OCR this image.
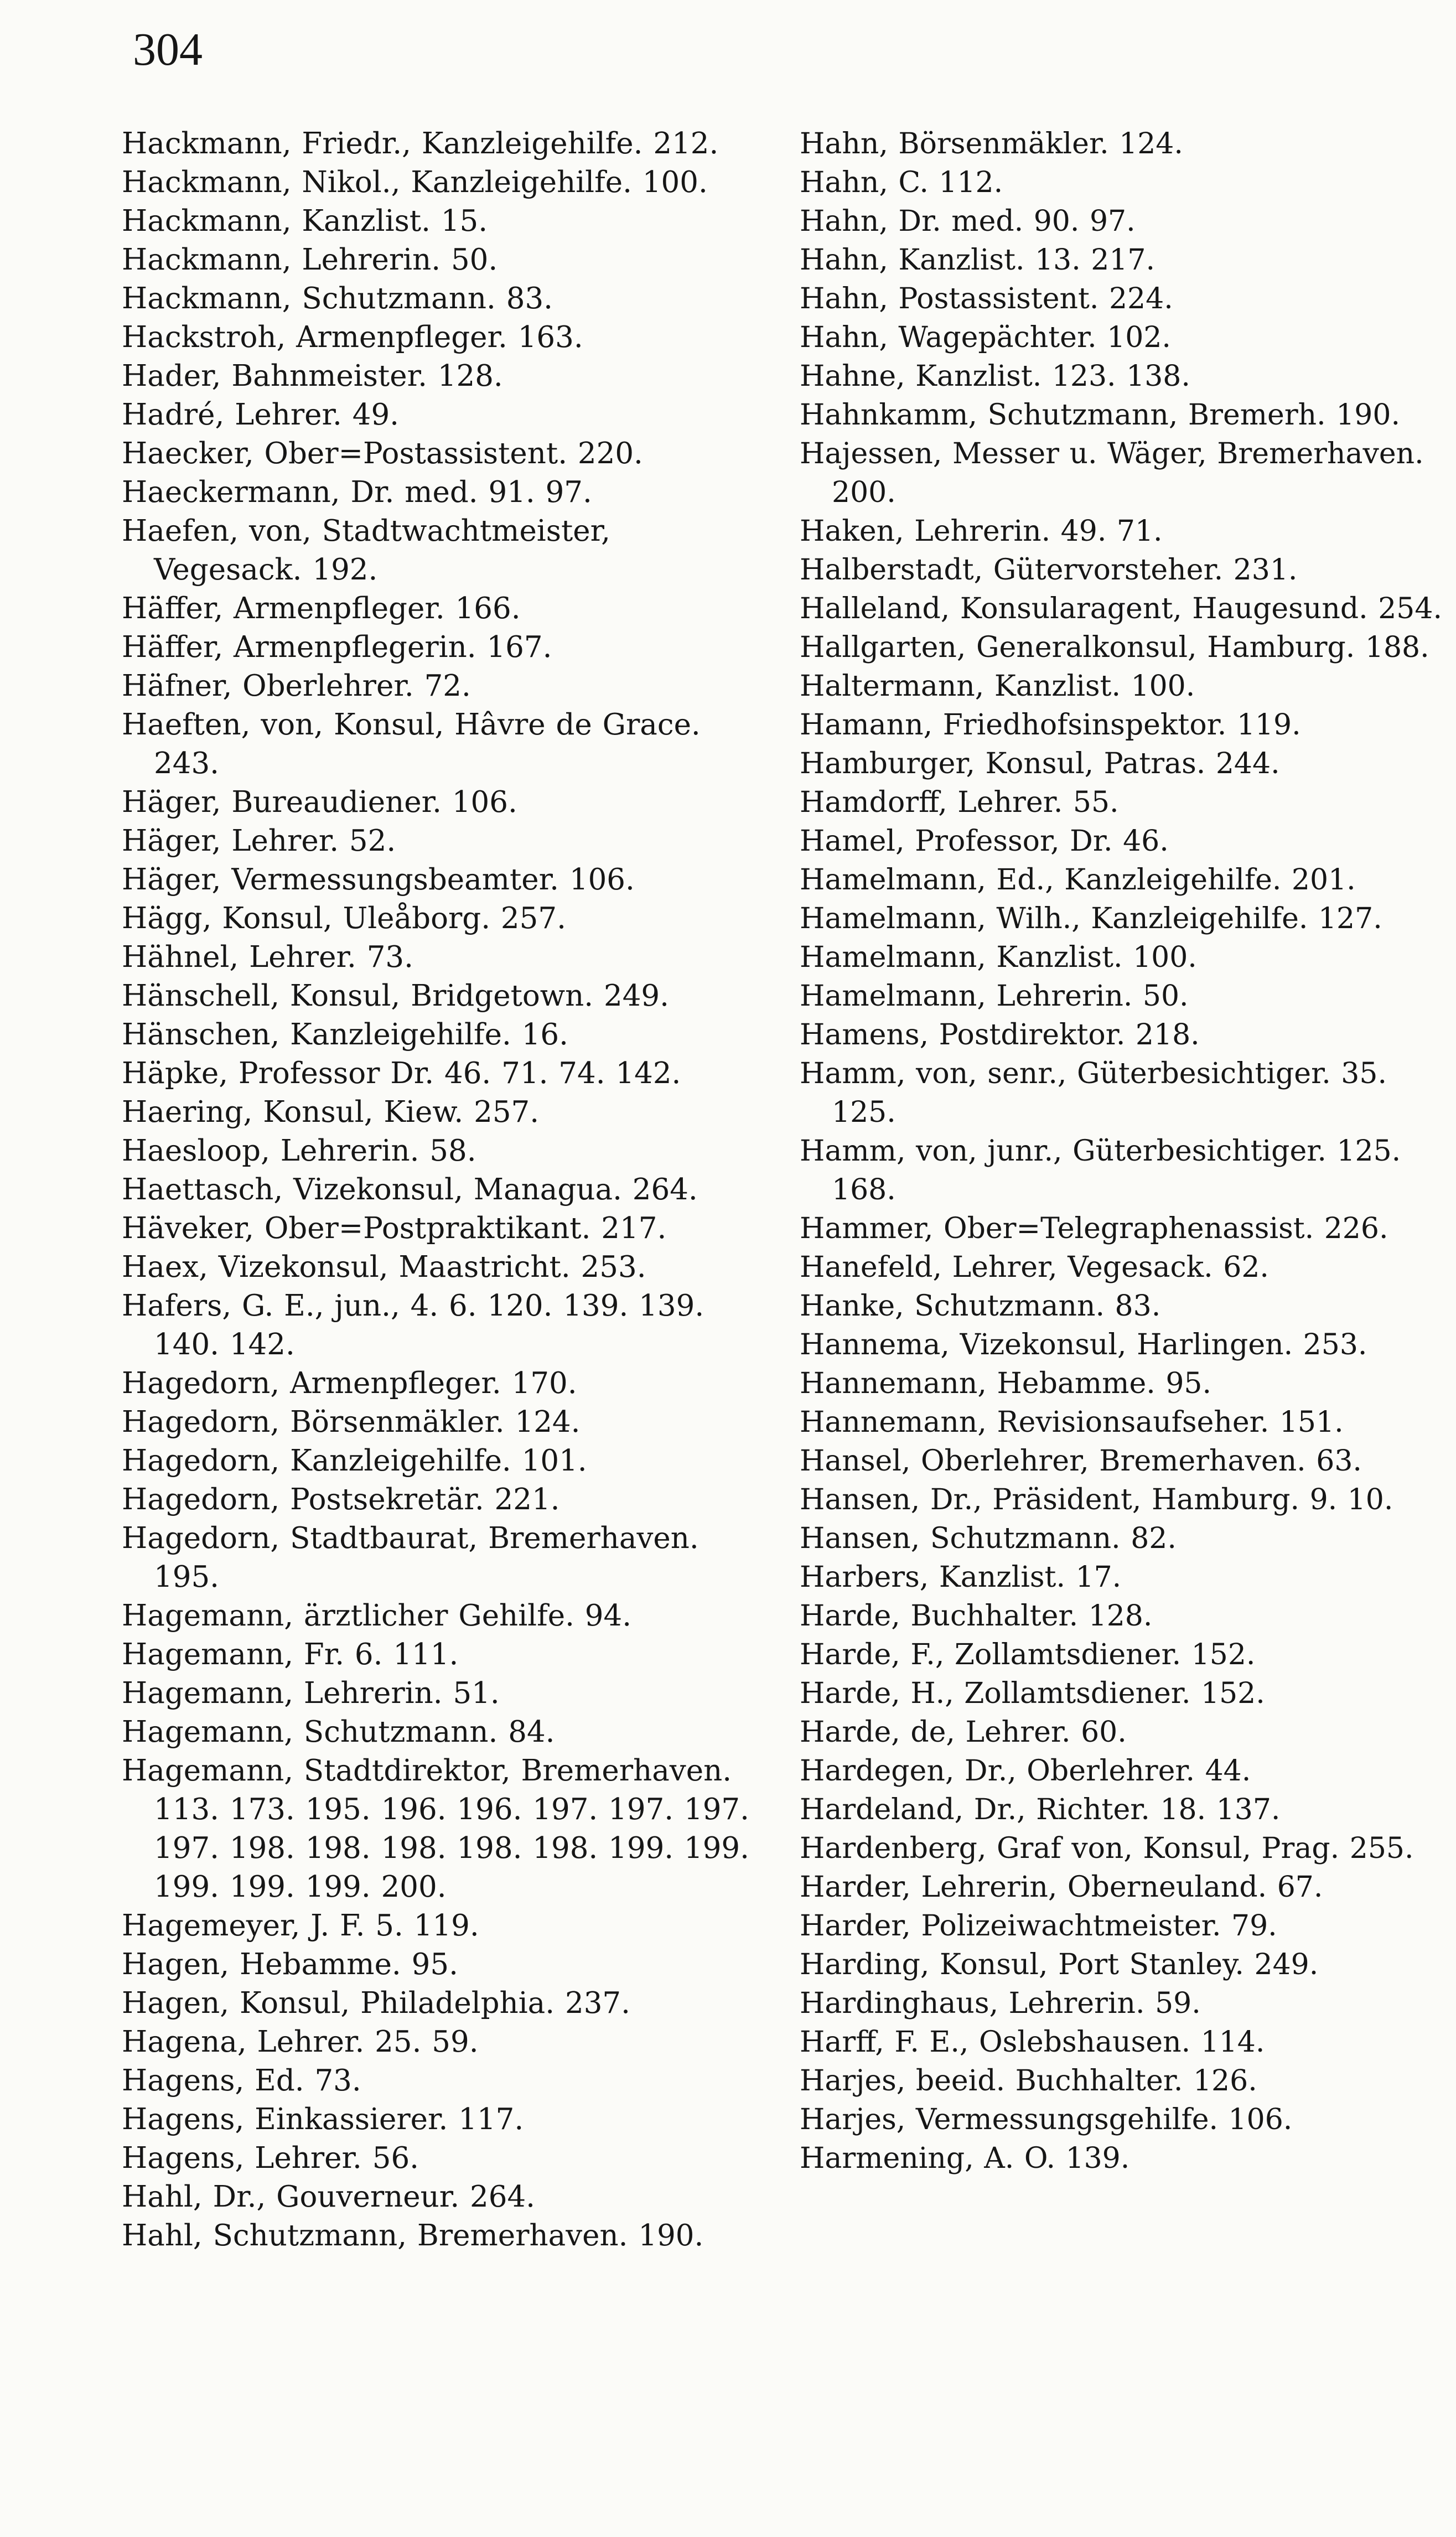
304
Hackmann, Friedr., Kanzleigehilfe. 212.
Hackmann, Nikol., Kanzleigehilfe. 100.
Hackmann, Kanzlist. 15.
Hackmann, Lehrerin. 50.
Hackmann, Schutzmann. 83.
Hackstroh, Armenpfleger. 163.
Hader, Bahnmeister. 128.
Hadré, Lehrer. 49.
Haecker, Ober=Postassistent. 220.
Haeckermann, Dr. med. 91. 97.
Haefen, von, Stadtwachtmeister, Vegesack. 192.
Häffer, Armenpfleger. 166.
Häffer, Armenpflegerin. 167.
Häfner, Oberlehrer. 72.
Haeften, von, Konsul, Hâvre de Grace. 243.
Häger, Bureaudiener. 106.
Häger, Lehrer. 52.
Häger, Vermessungsbeamter. 106.
Hägg, Konsul, Uleåborg. 257.
Hähnel, Lehrer. 73.
Hänschell, Konsul, Bridgetown. 249.
Hänschen, Kanzleigehilfe. 16.
Häpke, Professor Dr. 46. 71. 74. 142.
Haering, Konsul, Kiew. 257.
Haesloop, Lehrerin. 58.
Haettasch, Vizekonsul, Managua. 264.
Häveker, Ober=Postpraktikant. 217.
Haex, Vizekonsul, Maastricht. 253.
Hafers, G. E., jun., 4. 6. 120. 139. 139. 140. 142.
Hagedorn, Armenpfleger. 170.
Hagedorn, Börsenmäkler. 124.
Hagedorn, Kanzleigehilfe. 101.
Hagedorn, Postsekretär. 221.
Hagedorn, Stadtbaurat, Bremerhaven. 195.
Hagemann, ärztlicher Gehilfe. 94.
Hagemann, Fr. 6. 111.
Hagemann, Lehrerin. 51.
Hagemann, Schutzmann. 84.
Hagemann, Stadtdirektor, Bremerhaven. 113. 173. 195. 196. 196. 197. 197. 197. 197. 198. 198. 198. 198. 198. 199. 199. 199. 199. 199. 200.
Hagemeyer, J. F. 5. 119.
Hagen, Hebamme. 95.
Hagen, Konsul, Philadelphia. 237.
Hagena, Lehrer. 25. 59.
Hagens, Ed. 73.
Hagens, Einkassierer. 117.
Hagens, Lehrer. 56.
Hahl, Dr., Gouverneur. 264.
Hahl, Schutzmann, Bremerhaven. 190.
Hahn, Börsenmäkler. 124.
Hahn, C. 112.
Hahn, Dr. med. 90. 97.
Hahn, Kanzlist. 13. 217.
Hahn, Postassistent. 224.
Hahn, Wagepächter. 102.
Hahne, Kanzlist. 123. 138.
Hahnkamm, Schutzmann, Bremerh. 190.
Hajessen, Messer u. Wäger, Bremerhaven. 200.
Haken, Lehrerin. 49. 71.
Halberstadt, Gütervorsteher. 231.
Halleland, Konsularagent, Haugesund. 254.
Hallgarten, Generalkonsul, Hamburg. 188.
Haltermann, Kanzlist. 100.
Hamann, Friedhofsinspektor. 119.
Hamburger, Konsul, Patras. 244.
Hamdorff, Lehrer. 55.
Hamel, Professor, Dr. 46.
Hamelmann, Ed., Kanzleigehilfe. 201.
Hamelmann, Wilh., Kanzleigehilfe. 127.
Hamelmann, Kanzlist. 100.
Hamelmann, Lehrerin. 50.
Hamens, Postdirektor. 218.
Hamm, von, senr., Güterbesichtiger. 35. 125.
Hamm, von, junr., Güterbesichtiger. 125. 168.
Hammer, Ober=Telegraphenassist. 226.
Hanefeld, Lehrer, Vegesack. 62.
Hanke, Schutzmann. 83.
Hannema, Vizekonsul, Harlingen. 253.
Hannemann, Hebamme. 95.
Hannemann, Revisionsaufseher. 151.
Hansel, Oberlehrer, Bremerhaven. 63.
Hansen, Dr., Präsident, Hamburg. 9. 10.
Hansen, Schutzmann. 82.
Harbers, Kanzlist. 17.
Harde, Buchhalter. 128.
Harde, F., Zollamtsdiener. 152.
Harde, H., Zollamtsdiener. 152.
Harde, de, Lehrer. 60.
Hardegen, Dr., Oberlehrer. 44.
Hardeland, Dr., Richter. 18. 137.
Hardenberg, Graf von, Konsul, Prag. 255.
Harder, Lehrerin, Oberneuland. 67.
Harder, Polizeiwachtmeister. 79.
Harding, Konsul, Port Stanley. 249.
Hardinghaus, Lehrerin. 59.
Harff, F. E., Oslebshausen. 114.
Harjes, beeid. Buchhalter. 126.
Harjes, Vermessungsgehilfe. 106.
Harmening, A. O. 139.
